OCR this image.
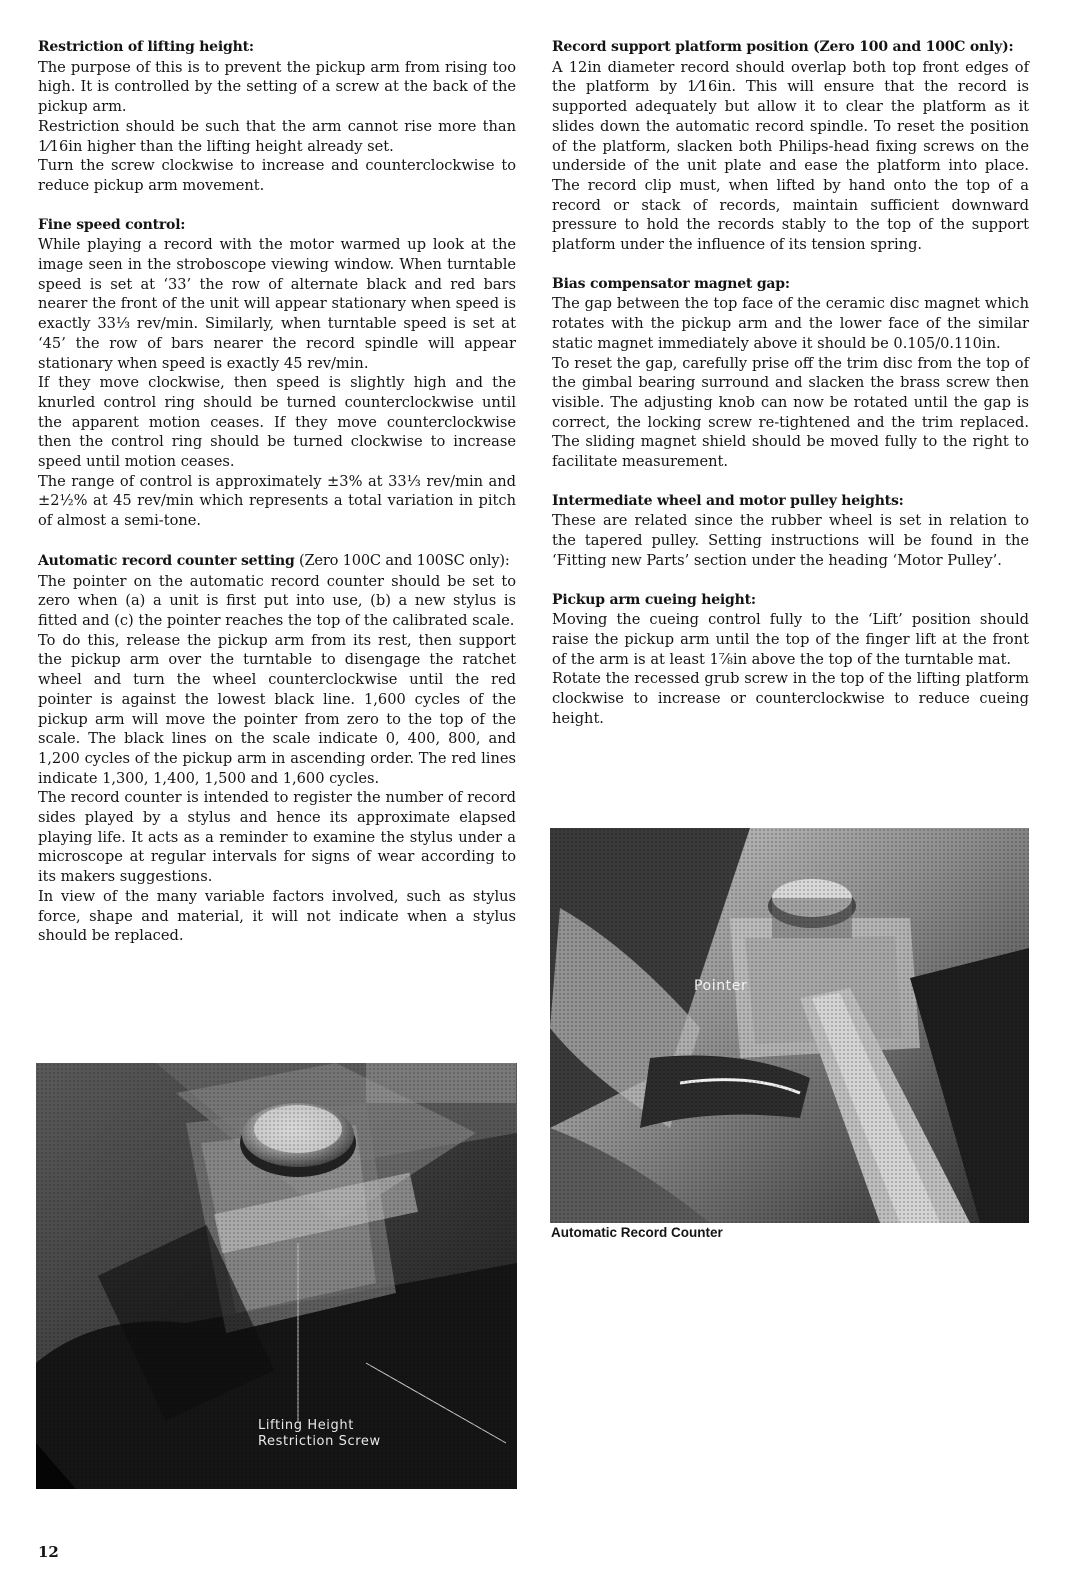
Restriction of lifting height:

The purpose of this is to prevent the pickup arm from rising too high. It is controlled by the setting of a screw at the back of the pickup arm.

Restriction should be such that the arm cannot rise more than 1⁄16in higher than the lifting height already set.

Turn the screw clockwise to increase and counterclockwise to reduce pickup arm movement.

Fine speed control:

While playing a record with the motor warmed up look at the image seen in the stroboscope viewing window. When turntable speed is set at ‘33’ the row of alternate black and red bars nearer the front of the unit will appear stationary when speed is exactly 33⅓ rev/min. Similarly, when turntable speed is set at ‘45’ the row of bars nearer the record spindle will appear stationary when speed is exactly 45 rev/min.

If they move clockwise, then speed is slightly high and the knurled control ring should be turned counterclockwise until the apparent motion ceases. If they move counterclockwise then the control ring should be turned clockwise to increase speed until motion ceases.

The range of control is approximately ±3% at 33⅓ rev/min and ±2½% at 45 rev/min which represents a total variation in pitch of almost a semi-tone.

Automatic record counter setting (Zero 100C and 100SC only):

The pointer on the automatic record counter should be set to zero when (a) a unit is first put into use, (b) a new stylus is fitted and (c) the pointer reaches the top of the calibrated scale.

To do this, release the pickup arm from its rest, then support the pickup arm over the turntable to disengage the ratchet wheel and turn the wheel counterclockwise until the red pointer is against the lowest black line. 1,600 cycles of the pickup arm will move the pointer from zero to the top of the scale. The black lines on the scale indicate 0, 400, 800, and 1,200 cycles of the pickup arm in ascending order. The red lines indicate 1,300, 1,400, 1,500 and 1,600 cycles.

The record counter is intended to register the number of record sides played by a stylus and hence its approximate elapsed playing life. It acts as a reminder to examine the stylus under a microscope at regular intervals for signs of wear according to its makers suggestions.

In view of the many variable factors involved, such as stylus force, shape and material, it will not indicate when a stylus should be replaced.

Record support platform position (Zero 100 and 100C only):

A 12in diameter record should overlap both top front edges of the platform by 1⁄16in. This will ensure that the record is supported adequately but allow it to clear the platform as it slides down the automatic record spindle. To reset the position of the platform, slacken both Philips-head fixing screws on the underside of the unit plate and ease the platform into place. The record clip must, when lifted by hand onto the top of a record or stack of records, maintain sufficient downward pressure to hold the records stably to the top of the support platform under the influence of its tension spring.

Bias compensator magnet gap:

The gap between the top face of the ceramic disc magnet which rotates with the pickup arm and the lower face of the similar static magnet immediately above it should be 0.105/0.110in.

To reset the gap, carefully prise off the trim disc from the top of the gimbal bearing surround and slacken the brass screw then visible. The adjusting knob can now be rotated until the gap is correct, the locking screw re-tightened and the trim replaced. The sliding magnet shield should be moved fully to the right to facilitate measurement.

Intermediate wheel and motor pulley heights:

These are related since the rubber wheel is set in relation to the tapered pulley. Setting instructions will be found in the ‘Fitting new Parts’ section under the heading ‘Motor Pulley’.

Pickup arm cueing height:

Moving the cueing control fully to the ‘Lift’ position should raise the pickup arm until the top of the finger lift at the front of the arm is at least 1⅞in above the top of the turntable mat.

Rotate the recessed grub screw in the top of the lifting platform clockwise to increase or counterclockwise to reduce cueing height.

Lifting Height
Restriction Screw
Pointer
Automatic Record Counter
12
